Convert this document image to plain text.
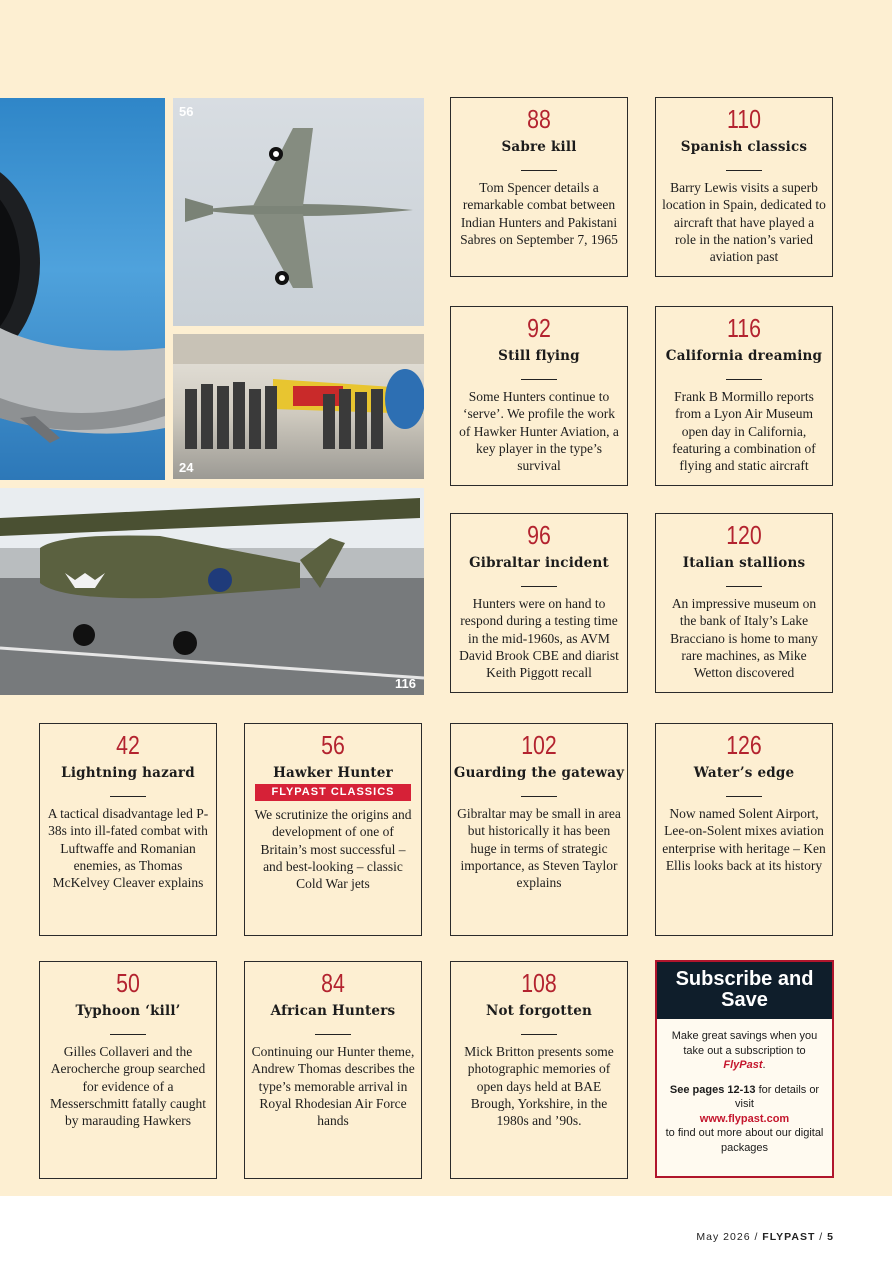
56
24
116
88
Sabre kill
Tom Spencer details a remarkable combat between Indian Hunters and Pakistani Sabres on September 7, 1965
110
Spanish classics
Barry Lewis visits a superb location in Spain, dedicated to aircraft that have played a role in the nation’s varied aviation past
92
Still flying
Some Hunters continue to ‘serve’. We profile the work of Hawker Hunter Aviation, a key player in the type’s survival
116
California dreaming
Frank B Mormillo reports from a Lyon Air Museum open day in California, featuring a combination of flying and static aircraft
96
Gibraltar incident
Hunters were on hand to respond during a testing time in the mid-1960s, as AVM David Brook CBE and diarist Keith Piggott recall
120
Italian stallions
An impressive museum on the bank of Italy’s Lake Bracciano is home to many rare machines, as Mike Wetton discovered
42
Lightning hazard
A tactical disadvantage led P-38s into ill-fated combat with Luftwaffe and Romanian enemies, as Thomas McKelvey Cleaver explains
56
Hawker Hunter
FLYPAST CLASSICS
We scrutinize the origins and development of one of Britain’s most successful – and best-looking – classic Cold War jets
102
Guarding the gateway
Gibraltar may be small in area but historically it has been huge in terms of strategic importance, as Steven Taylor explains
126
Water’s edge
Now named Solent Airport, Lee-on-Solent mixes aviation enterprise with heritage – Ken Ellis looks back at its history
50
Typhoon ‘kill’
Gilles Collaveri and the Aerocherche group searched for evidence of a Messerschmitt fatally caught by marauding Hawkers
84
African Hunters
Continuing our Hunter theme, Andrew Thomas describes the type’s memorable arrival in Royal Rhodesian Air Force hands
108
Not forgotten
Mick Britton presents some photographic memories of open days held at BAE Brough, Yorkshire, in the 1980s and ’90s.
Subscribe and Save
Make great savings when you take out a subscription to FlyPast.
See pages 12-13 for details or visit
www.flypast.com
to find out more about our digital packages
May 2026 / FLYPAST / 5
